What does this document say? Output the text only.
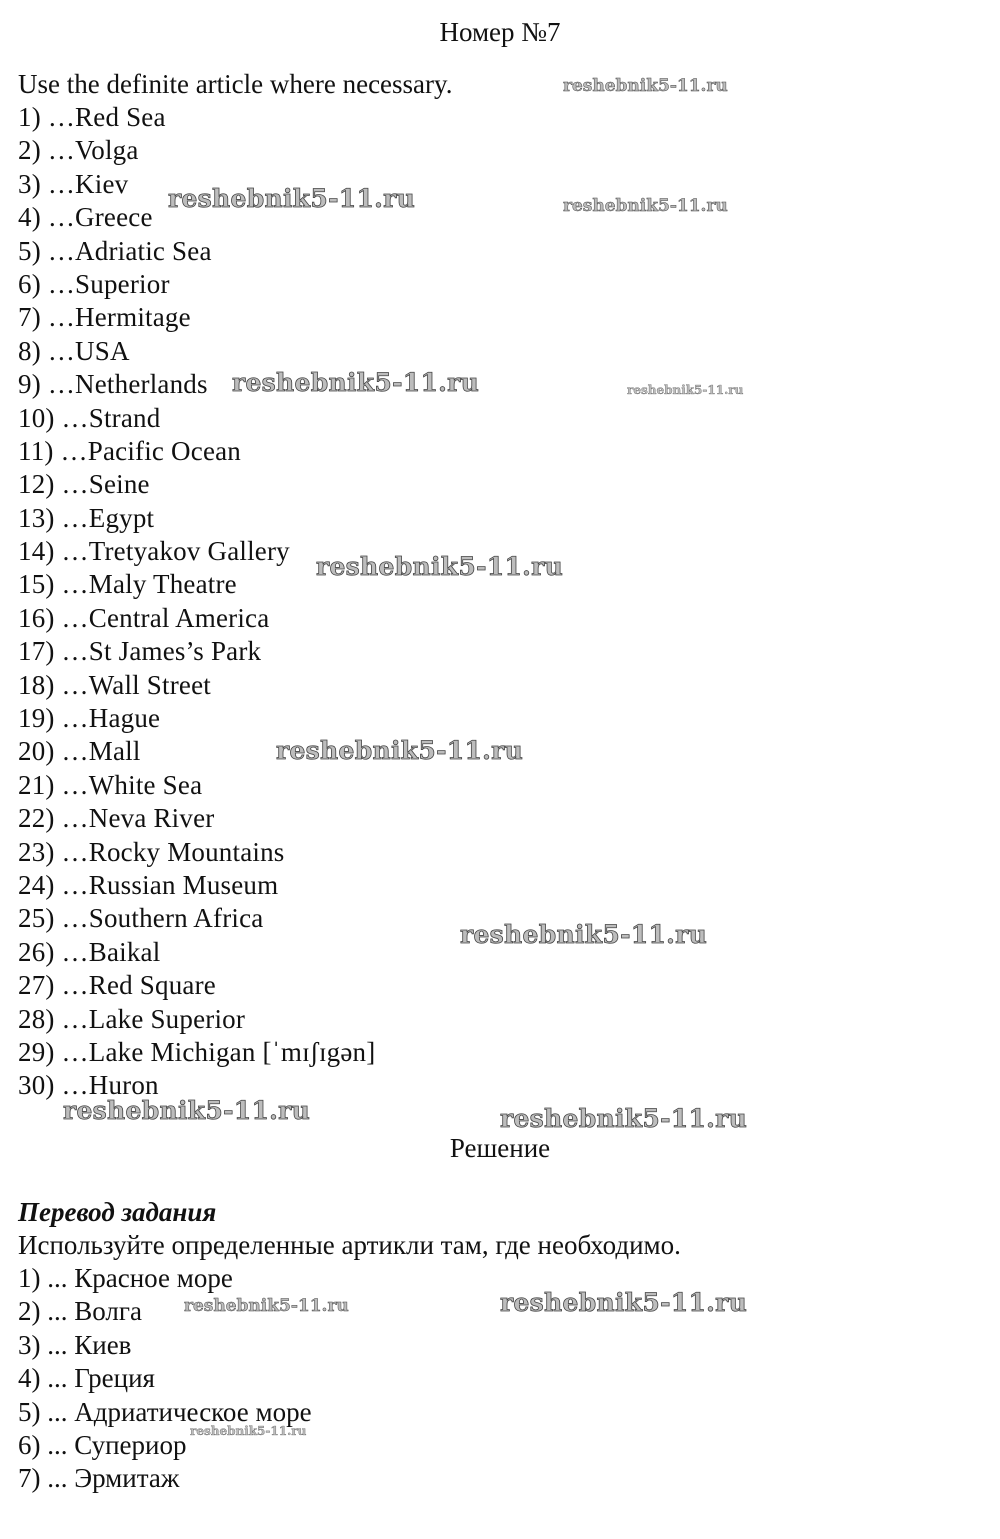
Номер №7
Use the definite article where necessary.
1) …Red Sea
2) …Volga
3) …Kiev
4) …Greece
5) …Adriatic Sea
6) …Superior
7) …Hermitage
8) …USA
9) …Netherlands
10) …Strand
11) …Pacific Ocean
12) …Seine
13) …Egypt
14) …Tretyakov Gallery
15) …Maly Theatre
16) …Central America
17) …St James’s Park
18) …Wall Street
19) …Hague
20) …Mall
21) …White Sea
22) …Neva River
23) …Rocky Mountains
24) …Russian Museum
25) …Southern Africa
26) …Baikal
27) …Red Square
28) …Lake Superior
29) …Lake Michigan [ˈmɪʃɪgən]
30) …Huron
Решение
Перевод задания
Используйте определенные артикли там, где необходимо.
1) ... Красное море
2) ... Волга
3) ... Киев
4) ... Греция
5) ... Адриатическое море
6) ... Супериор
7) ... Эрмитаж
reshebnik5-11.ru
reshebnik5-11.ru	reshebnik5-11.ru
reshebnik5-11.ru	reshebnik5-11.ru
reshebnik5-11.ru
reshebnik5-11.ru
reshebnik5-11.ru
reshebnik5-11.ru	reshebnik5-11.ru
reshebnik5-11.ru	reshebnik5-11.ru
reshebnik5-11.ru
